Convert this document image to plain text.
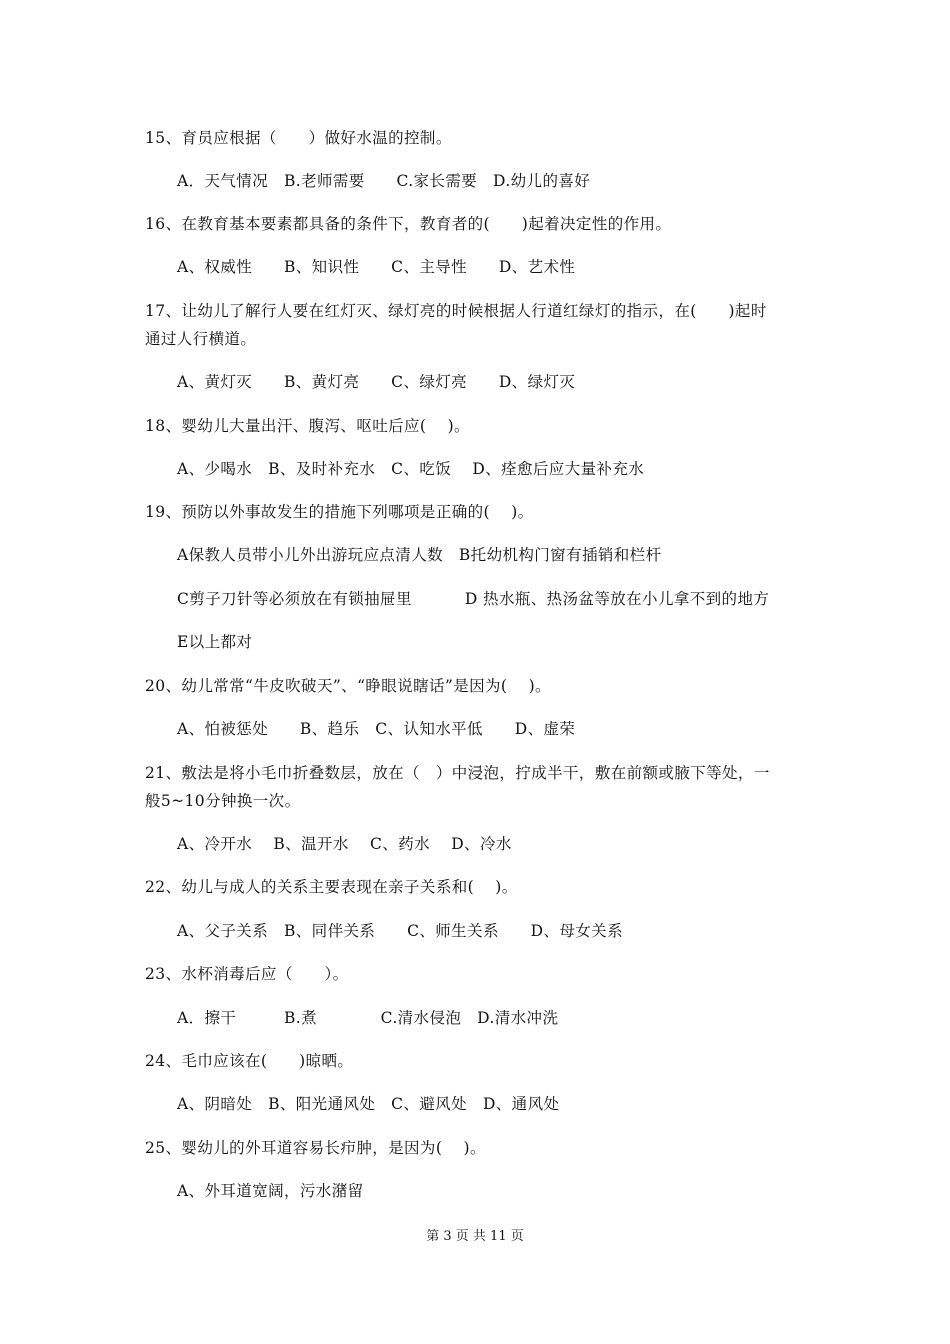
15、育员应根据（　　）做好水温的控制。
A．天气情况　B.老师需要　　C.家长需要　D.幼儿的喜好
16、在教育基本要素都具备的条件下，教育者的(　　)起着决定性的作用。
A、权威性　　B、知识性　　C、主导性　　D、艺术性
17、让幼儿了解行人要在红灯灭、绿灯亮的时候根据人行道红绿灯的指示，在(　　)起时
通过人行横道。
A、黄灯灭　　B、黄灯亮　　C、绿灯亮　　D、绿灯灭
18、婴幼儿大量出汗、腹泻、呕吐后应(　 )。
A、少喝水　B、及时补充水　C、吃饭　 D、痊愈后应大量补充水
19、预防以外事故发生的措施下列哪项是正确的(　 )。
A保教人员带小儿外出游玩应点清人数　B托幼机构门窗有插销和栏杆
C剪子刀针等必须放在有锁抽屉里　　　 D 热水瓶、热汤盆等放在小儿拿不到的地方
E以上都对
20、幼儿常常“牛皮吹破天”、“睁眼说瞎话”是因为(　 )。
A、怕被惩处　　B、趋乐　C、认知水平低　　D、虚荣
21、敷法是将小毛巾折叠数层，放在（　）中浸泡，拧成半干，敷在前额或腋下等处，一
般5~10分钟换一次。
A、冷开水　 B、温开水　 C、药水　 D、冷水
22、幼儿与成人的关系主要表现在亲子关系和(　 )。
A、父子关系　B、同伴关系　　C、师生关系　　D、母女关系
23、水杯消毒后应（　　）。
A．擦干　　　B.煮　　　　C.清水侵泡　D.清水冲洗
24、毛巾应该在(　　)晾晒。
A、阴暗处　B、阳光通风处　C、避风处　D、通风处
25、婴幼儿的外耳道容易长疖肿，是因为(　 )。
A、外耳道宽阔，污水潴留
第 3 页 共 11 页
